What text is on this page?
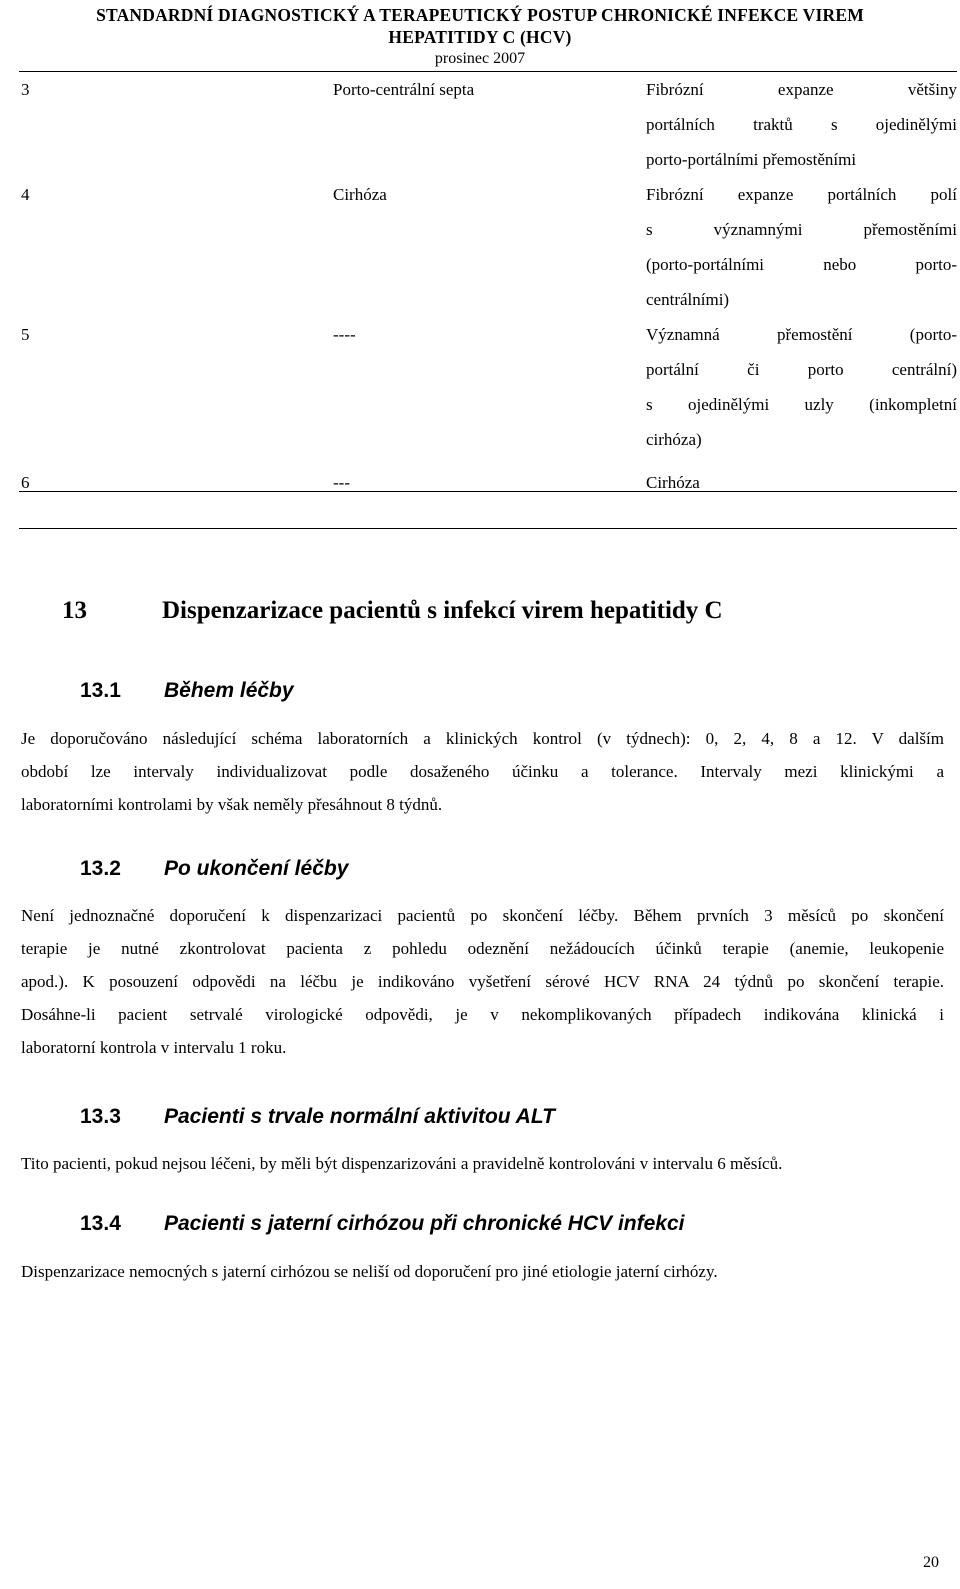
STANDARDNÍ DIAGNOSTICKÝ A TERAPEUTICKÝ POSTUP CHRONICKÉ INFEKCE VIREM
HEPATITIDY C (HCV)
prosinec 2007
3	Porto-centrální septa	Fibrózní expanze většiny
portálních traktů s ojedinělými
porto-portálními přemostěními
4	Cirhóza	Fibrózní expanze portálních polí
s významnými přemostěními
(porto-portálními nebo porto-
centrálními)
5	----	Významná přemostění (porto-
portální či porto centrální)
s ojedinělými uzly (inkompletní
cirhóza)
6	---	Cirhóza
13	Dispenzarizace pacientů s infekcí virem hepatitidy C
13.1 Během léčby
Je doporučováno následující schéma laboratorních a klinických kontrol (v týdnech): 0, 2, 4, 8 a 12. V dalším
období lze intervaly individualizovat podle dosaženého účinku a tolerance. Intervaly mezi klinickými a
laboratorními kontrolami by však neměly přesáhnout 8 týdnů.
13.2 Po ukončení léčby
Není jednoznačné doporučení k dispenzarizaci pacientů po skončení léčby. Během prvních 3 měsíců po skončení
terapie je nutné zkontrolovat pacienta z pohledu odeznění nežádoucích účinků terapie (anemie, leukopenie
apod.). K posouzení odpovědi na léčbu je indikováno vyšetření sérové HCV RNA 24 týdnů po skončení terapie.
Dosáhne-li pacient setrvalé virologické odpovědi, je v nekomplikovaných případech indikována klinická i
laboratorní kontrola v intervalu 1 roku.
13.3 Pacienti s trvale normální aktivitou ALT
Tito pacienti, pokud nejsou léčeni, by měli být dispenzarizováni a pravidelně kontrolováni v intervalu 6 měsíců.
13.4 Pacienti s jaterní cirhózou při chronické HCV infekci
Dispenzarizace nemocných s jaterní cirhózou se neliší od doporučení pro jiné etiologie jaterní cirhózy.
20
